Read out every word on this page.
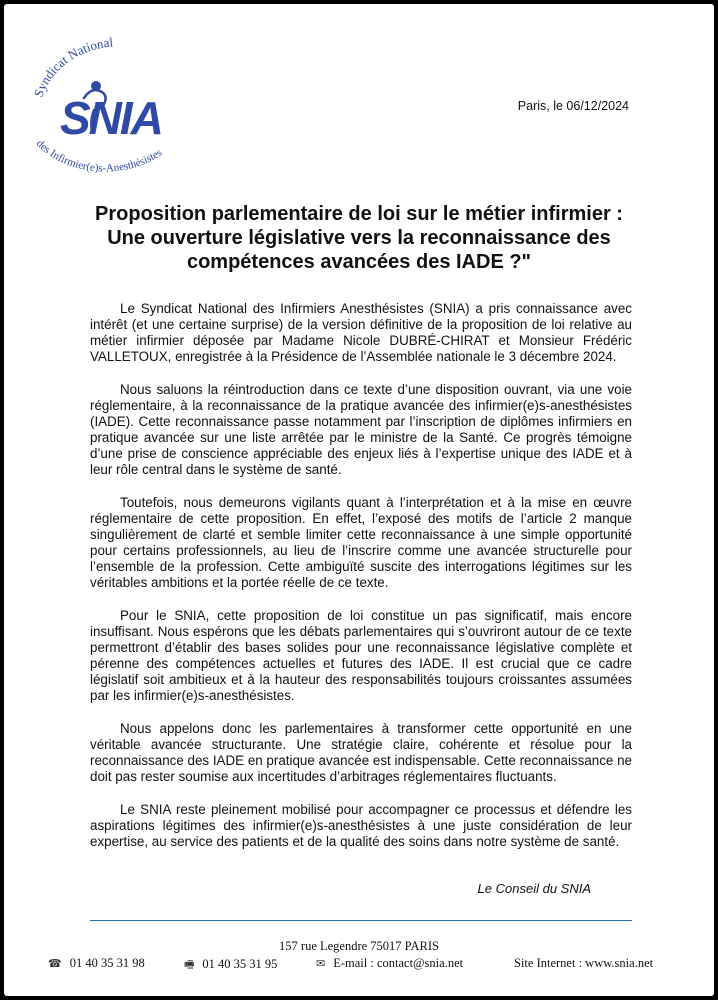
Syndicat National
SNIA
des Infirmier(e)s-Anesthésistes
Paris, le 06/12/2024
Proposition parlementaire de loi sur le métier infirmier :
Une ouverture législative vers la reconnaissance des
compétences avancées des IADE ?"

Le Syndicat National des Infirmiers Anesthésistes (SNIA) a pris connaissance avec intérêt (et une certaine surprise) de la version définitive de la proposition de loi relative au métier infirmier déposée par Madame Nicole DUBRÉ-CHIRAT et Monsieur Frédéric VALLETOUX, enregistrée à la Présidence de l’Assemblée nationale le 3 décembre 2024.

Nous saluons la réintroduction dans ce texte d’une disposition ouvrant, via une voie réglementaire, à la reconnaissance de la pratique avancée des infirmier(e)s-anesthésistes (IADE). Cette reconnaissance passe notamment par l’inscription de diplômes infirmiers en pratique avancée sur une liste arrêtée par le ministre de la Santé. Ce progrès témoigne d’une prise de conscience appréciable des enjeux liés à l’expertise unique des IADE et à leur rôle central dans le système de santé.

Toutefois, nous demeurons vigilants quant à l’interprétation et à la mise en œuvre réglementaire de cette proposition. En effet, l’exposé des motifs de l’article 2 manque singulièrement de clarté et semble limiter cette reconnaissance à une simple opportunité pour certains professionnels, au lieu de l’inscrire comme une avancée structurelle pour l’ensemble de la profession. Cette ambiguïté suscite des interrogations légitimes sur les véritables ambitions et la portée réelle de ce texte.

Pour le SNIA, cette proposition de loi constitue un pas significatif, mais encore insuffisant. Nous espérons que les débats parlementaires qui s’ouvriront autour de ce texte permettront d’établir des bases solides pour une reconnaissance législative complète et pérenne des compétences actuelles et futures des IADE. Il est crucial que ce cadre législatif soit ambitieux et à la hauteur des responsabilités toujours croissantes assumées par les infirmier(e)s-anesthésistes.

Nous appelons donc les parlementaires à transformer cette opportunité en une véritable avancée structurante. Une stratégie claire, cohérente et résolue pour la reconnaissance des IADE en pratique avancée est indispensable. Cette reconnaissance ne doit pas rester soumise aux incertitudes d’arbitrages réglementaires fluctuants.

Le SNIA reste pleinement mobilisé pour accompagner ce processus et défendre les aspirations légitimes des infirmier(e)s-anesthésistes à une juste considération de leur expertise, au service des patients et de la qualité des soins dans notre système de santé.

Le Conseil du SNIA
157 rue Legendre 75017 PARIS
☎ 01 40 35 31 98	🖷 01 40 35 31 95	✉ E-mail : contact@snia.net	Site Internet : www.snia.net
